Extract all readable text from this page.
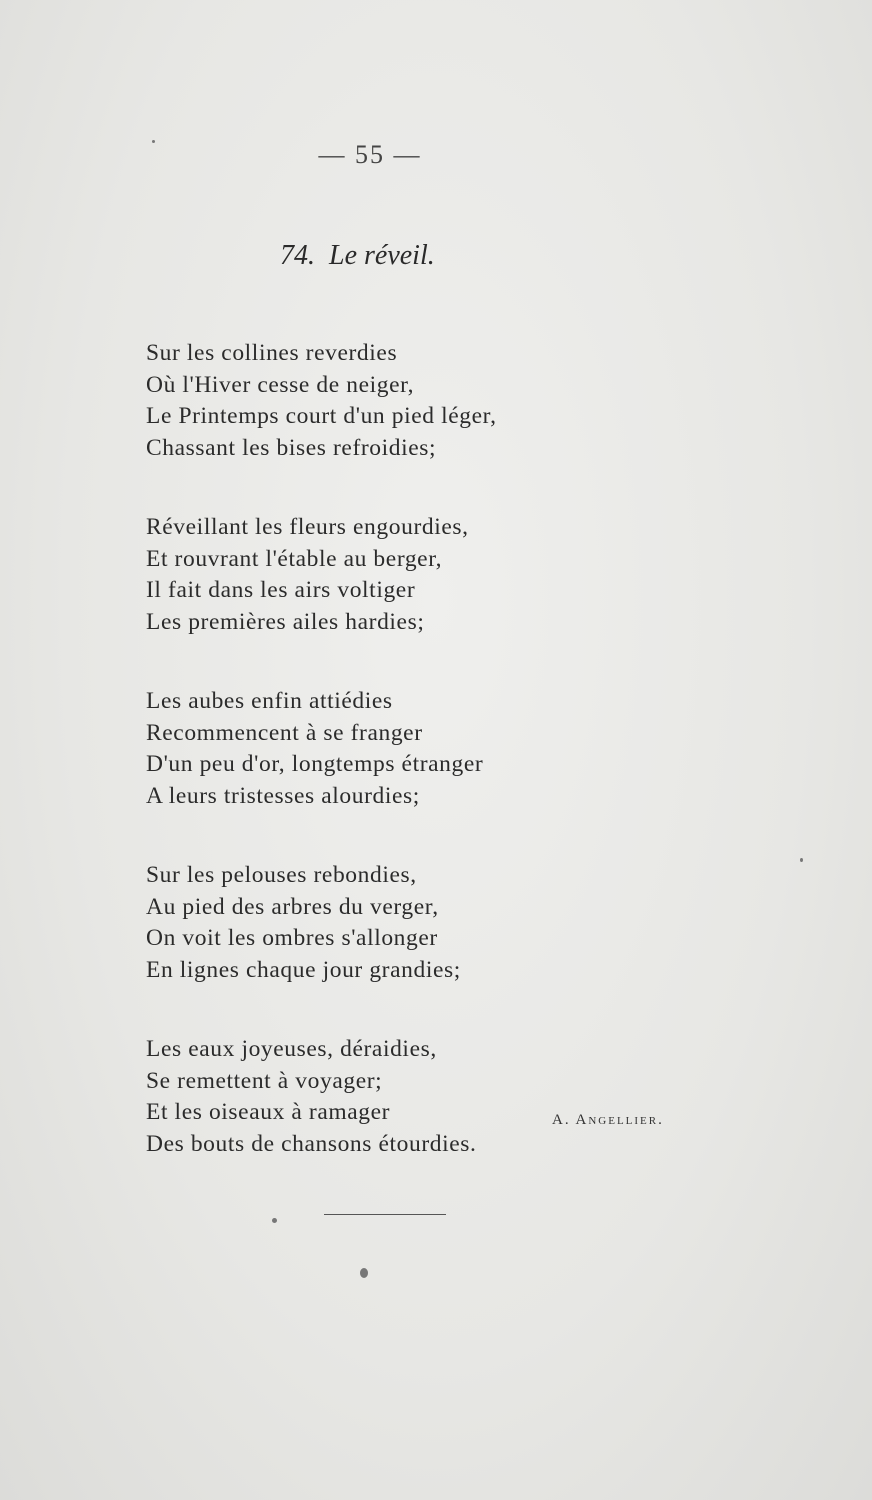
— 55 —
74. Le réveil.
Sur les collines reverdies
Où l'Hiver cesse de neiger,
Le Printemps court d'un pied léger,
Chassant les bises refroidies;
Réveillant les fleurs engourdies,
Et rouvrant l'étable au berger,
Il fait dans les airs voltiger
Les premières ailes hardies;
Les aubes enfin attiédies
Recommencent à se franger
D'un peu d'or, longtemps étranger
A leurs tristesses alourdies;
Sur les pelouses rebondies,
Au pied des arbres du verger,
On voit les ombres s'allonger
En lignes chaque jour grandies;
Les eaux joyeuses, déraidies,
Se remettent à voyager;
Et les oiseaux à ramager
Des bouts de chansons étourdies.
A. Angellier.
